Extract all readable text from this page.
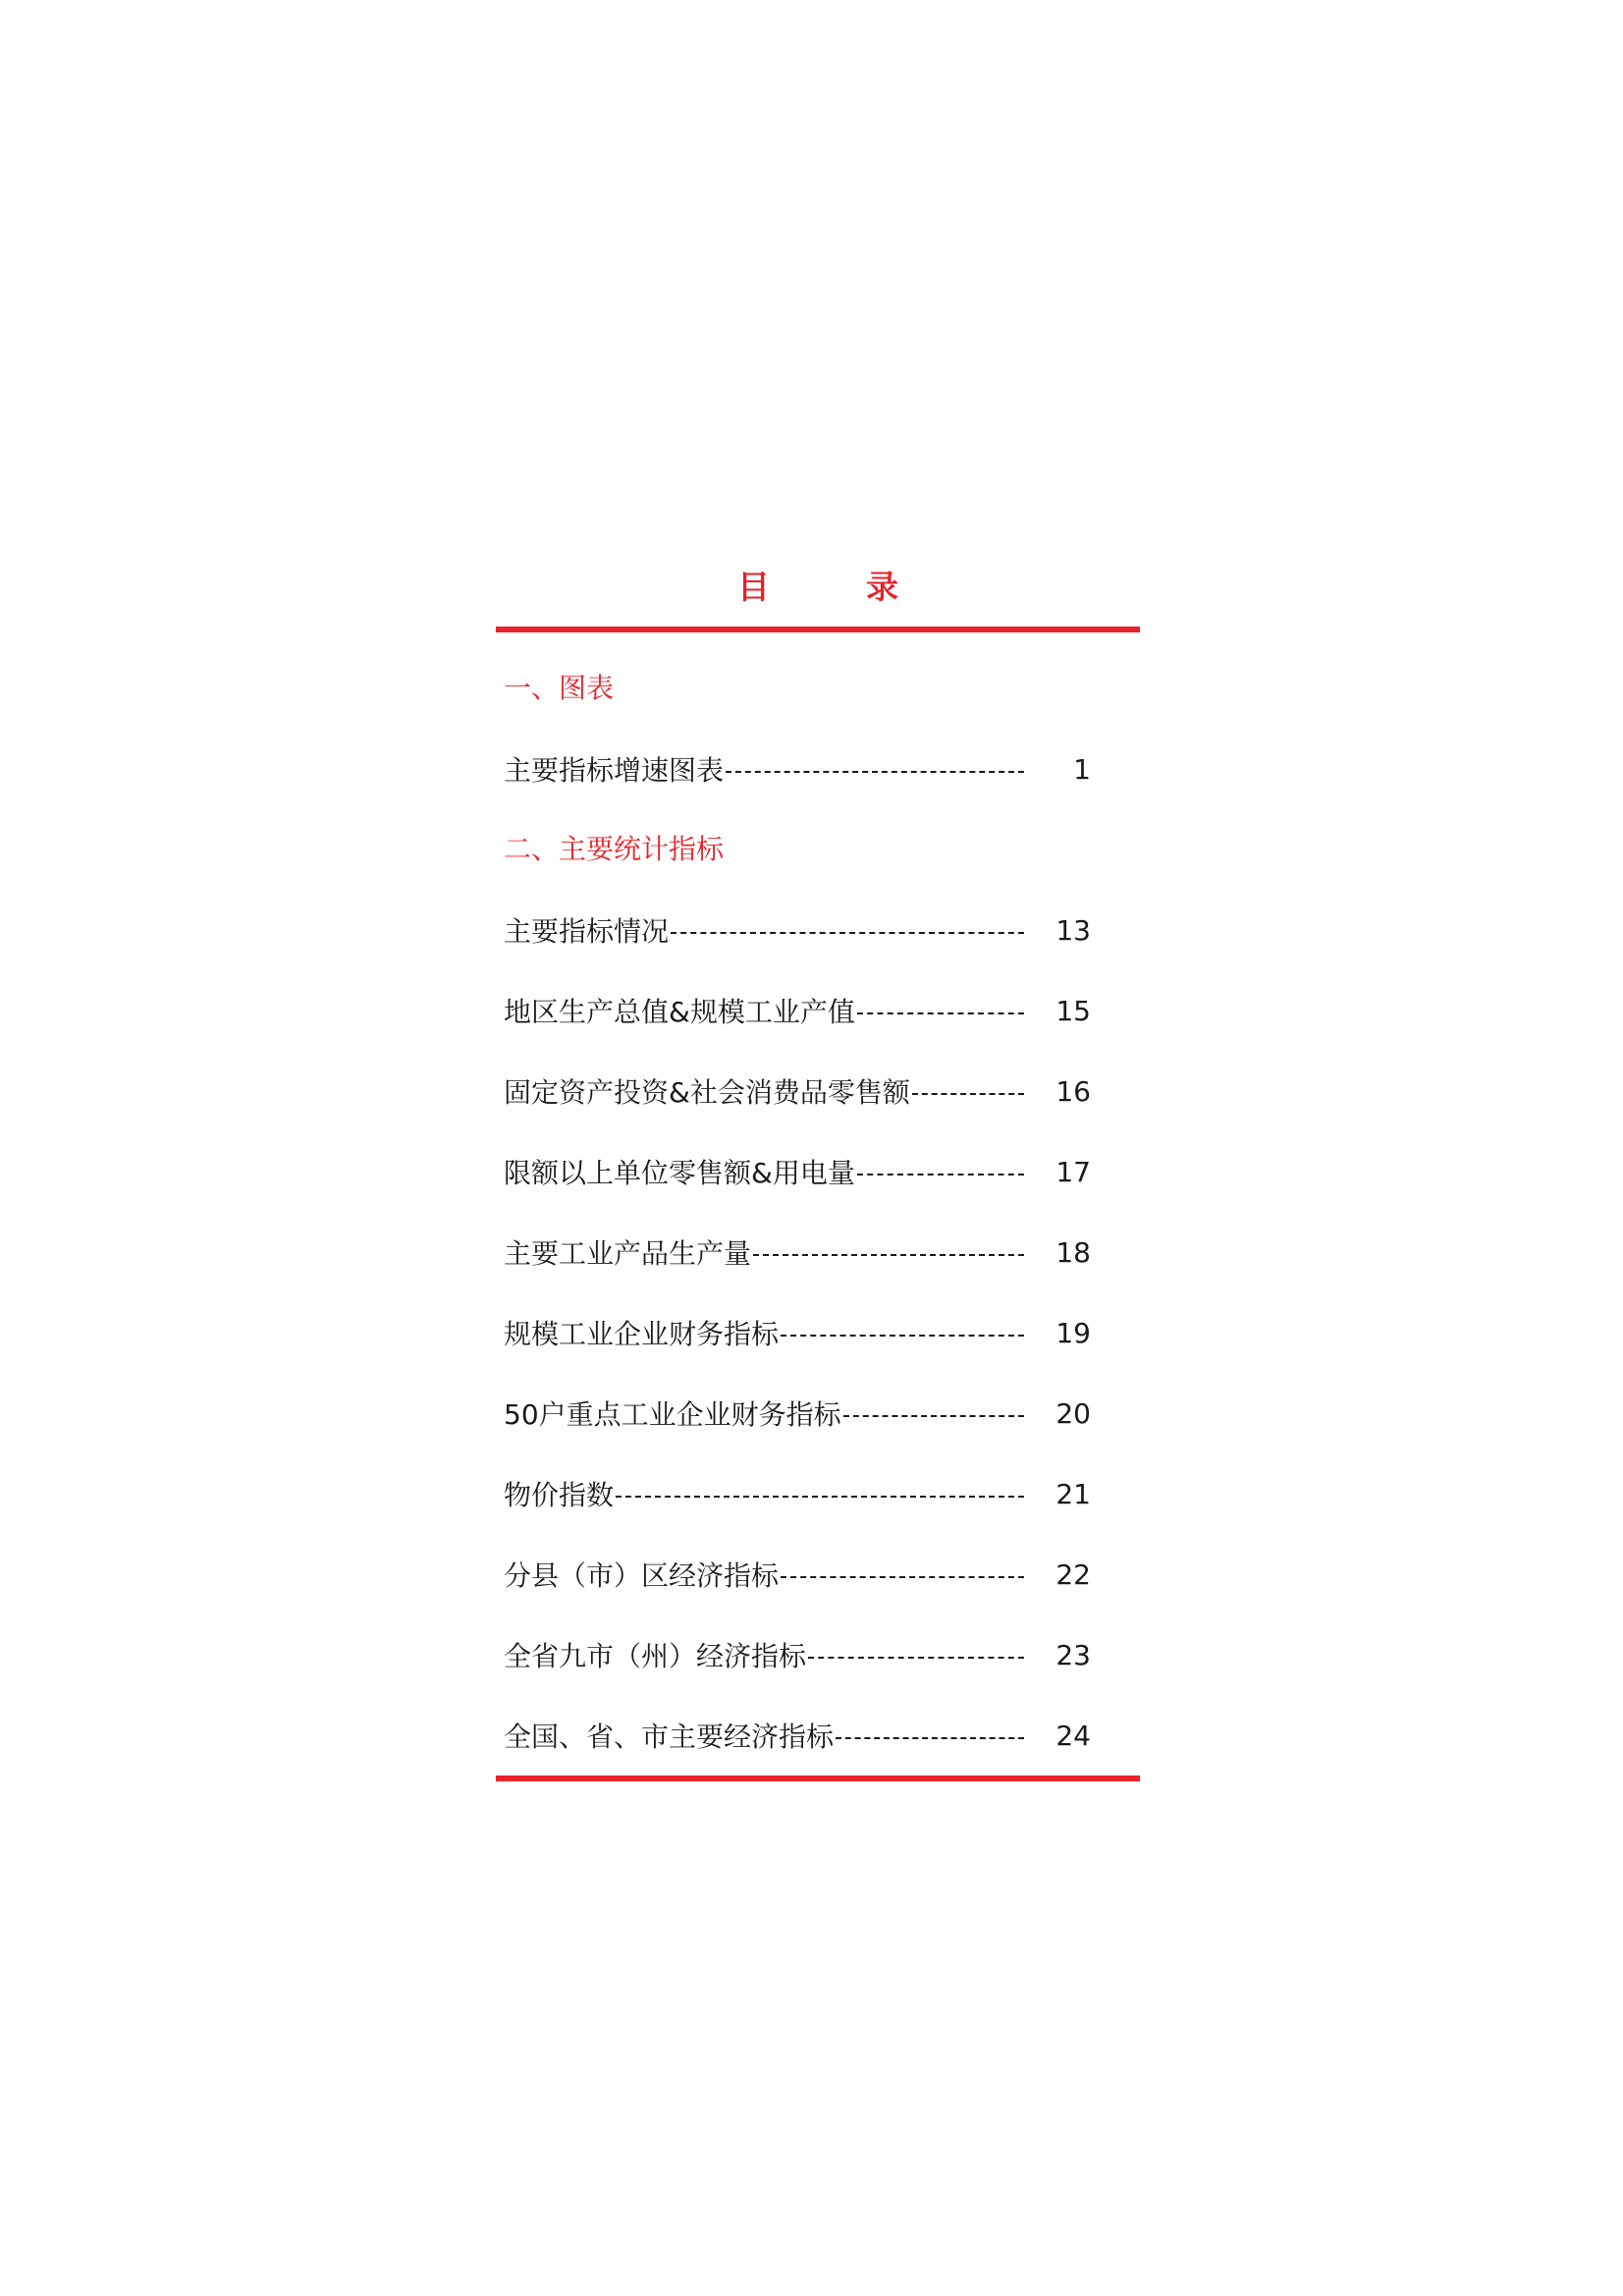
目录
一、图表
主要指标增速图表	1
二、主要统计指标
主要指标情况	13
地区生产总值&规模工业产值	15
固定资产投资&社会消费品零售额	16
限额以上单位零售额&用电量	17
主要工业产品生产量	18
规模工业企业财务指标	19
50户重点工业企业财务指标	20
物价指数	21
分县（市）区经济指标	22
全省九市（州）经济指标	23
全国、省、市主要经济指标	24
